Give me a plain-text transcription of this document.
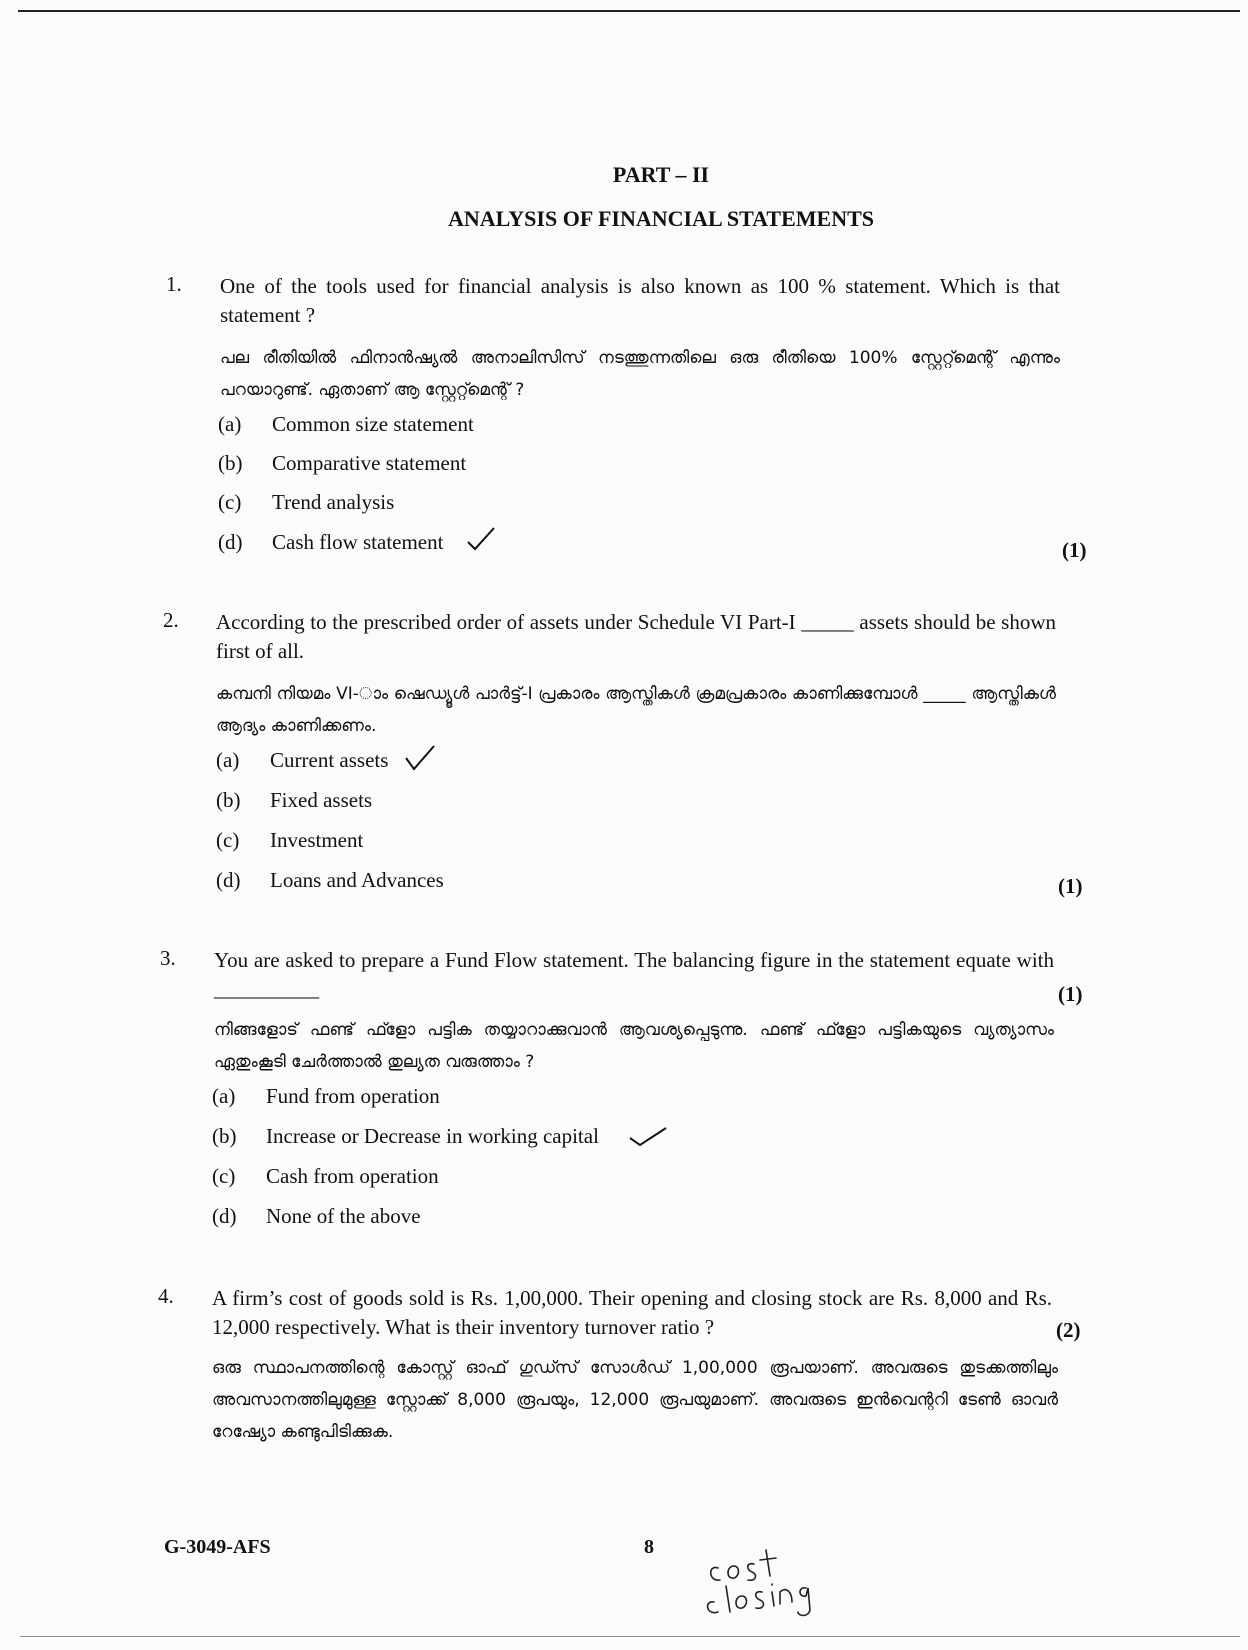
PART – II
ANALYSIS OF FINANCIAL STATEMENTS
1. One of the tools used for financial analysis is also known as 100 % statement. Which is that statement ?
പല രീതിയിൽ ഫിനാൻഷ്യൽ അനാലിസിസ് നടത്തുന്നതിലെ ഒരു രീതിയെ 100% സ്റ്റേറ്റ്മെന്റ് എന്നും പറയാറുണ്ട്. ഏതാണ് ആ സ്റ്റേറ്റ്മെന്റ് ?
(a) Common size statement
(b) Comparative statement
(c) Trend analysis
(d) Cash flow statement	(1)
2. According to the prescribed order of assets under Schedule VI Part-I _____ assets should be shown first of all.
കമ്പനി നിയമം VI-ാം ഷെഡ്യൂൾ പാർട്ട്-I പ്രകാരം ആസ്തികൾ ക്രമപ്രകാരം കാണിക്കുമ്പോൾ _____ ആസ്തികൾ ആദ്യം കാണിക്കണം.
(a) Current assets
(b) Fixed assets
(c) Investment
(d) Loans and Advances	(1)
3. You are asked to prepare a Fund Flow statement. The balancing figure in the statement equate with __________	(1)
നിങ്ങളോട് ഫണ്ട് ഫ്ളോ പട്ടിക തയ്യാറാക്കുവാൻ ആവശ്യപ്പെടുന്നു. ഫണ്ട് ഫ്ളോ പട്ടികയുടെ വ്യത്യാസം ഏതുംകൂടി ചേർത്താൽ തുല്യത വരുത്താം ?
(a) Fund from operation
(b) Increase or Decrease in working capital
(c) Cash from operation
(d) None of the above
4. A firm’s cost of goods sold is Rs. 1,00,000. Their opening and closing stock are Rs. 8,000 and Rs. 12,000 respectively. What is their inventory turnover ratio ?	(2)
ഒരു സ്ഥാപനത്തിന്റെ കോസ്റ്റ് ഓഫ് ഗുഡ്സ് സോൾഡ് 1,00,000 രൂപയാണ്. അവരുടെ തുടക്കത്തിലും അവസാനത്തിലുമുള്ള സ്റ്റോക്ക് 8,000 രൂപയും, 12,000 രൂപയുമാണ്. അവരുടെ ഇൻവെന്ററി ടേൺ ഓവർ റേഷ്യോ കണ്ടുപിടിക്കുക.
G-3049-AFS	8
